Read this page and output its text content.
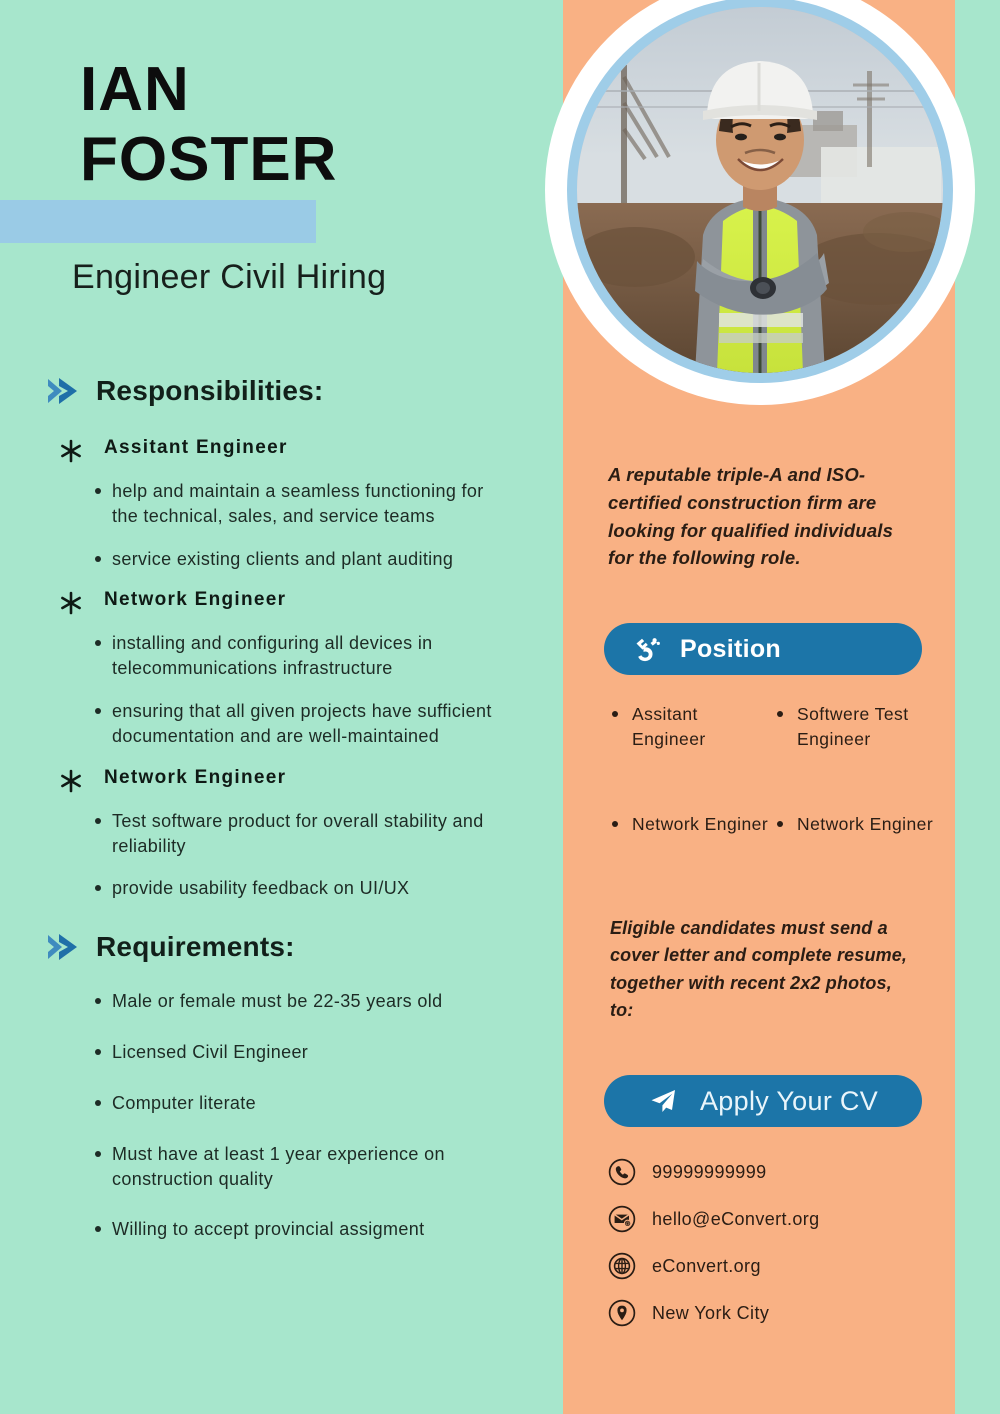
IAN
FOSTER
Engineer Civil Hiring
Responsibilities:
Assitant Engineer
help and maintain a seamless functioning for the technical, sales, and service teams
service existing clients and plant auditing
Network Engineer
installing and configuring all devices in telecommunications infrastructure
ensuring that all given projects have sufficient documentation and are well-maintained
Network Engineer
Test software product for overall stability and reliability
provide usability feedback on UI/UX
Requirements:
Male or female must be 22-35 years old
Licensed Civil Engineer
Computer literate
Must have at least 1 year experience on construction quality
Willing to accept provincial assigment
A reputable triple-A and ISO-certified construction firm are looking for qualified individuals for the following role.
Position
Assitant Engineer
Softwere Test Engineer
Network Enginer	Network Enginer
Eligible candidates must send a cover letter and complete resume, together with recent 2x2 photos, to:
Apply Your CV
99999999999
@ hello@eConvert.org
eConvert.org
New York City
